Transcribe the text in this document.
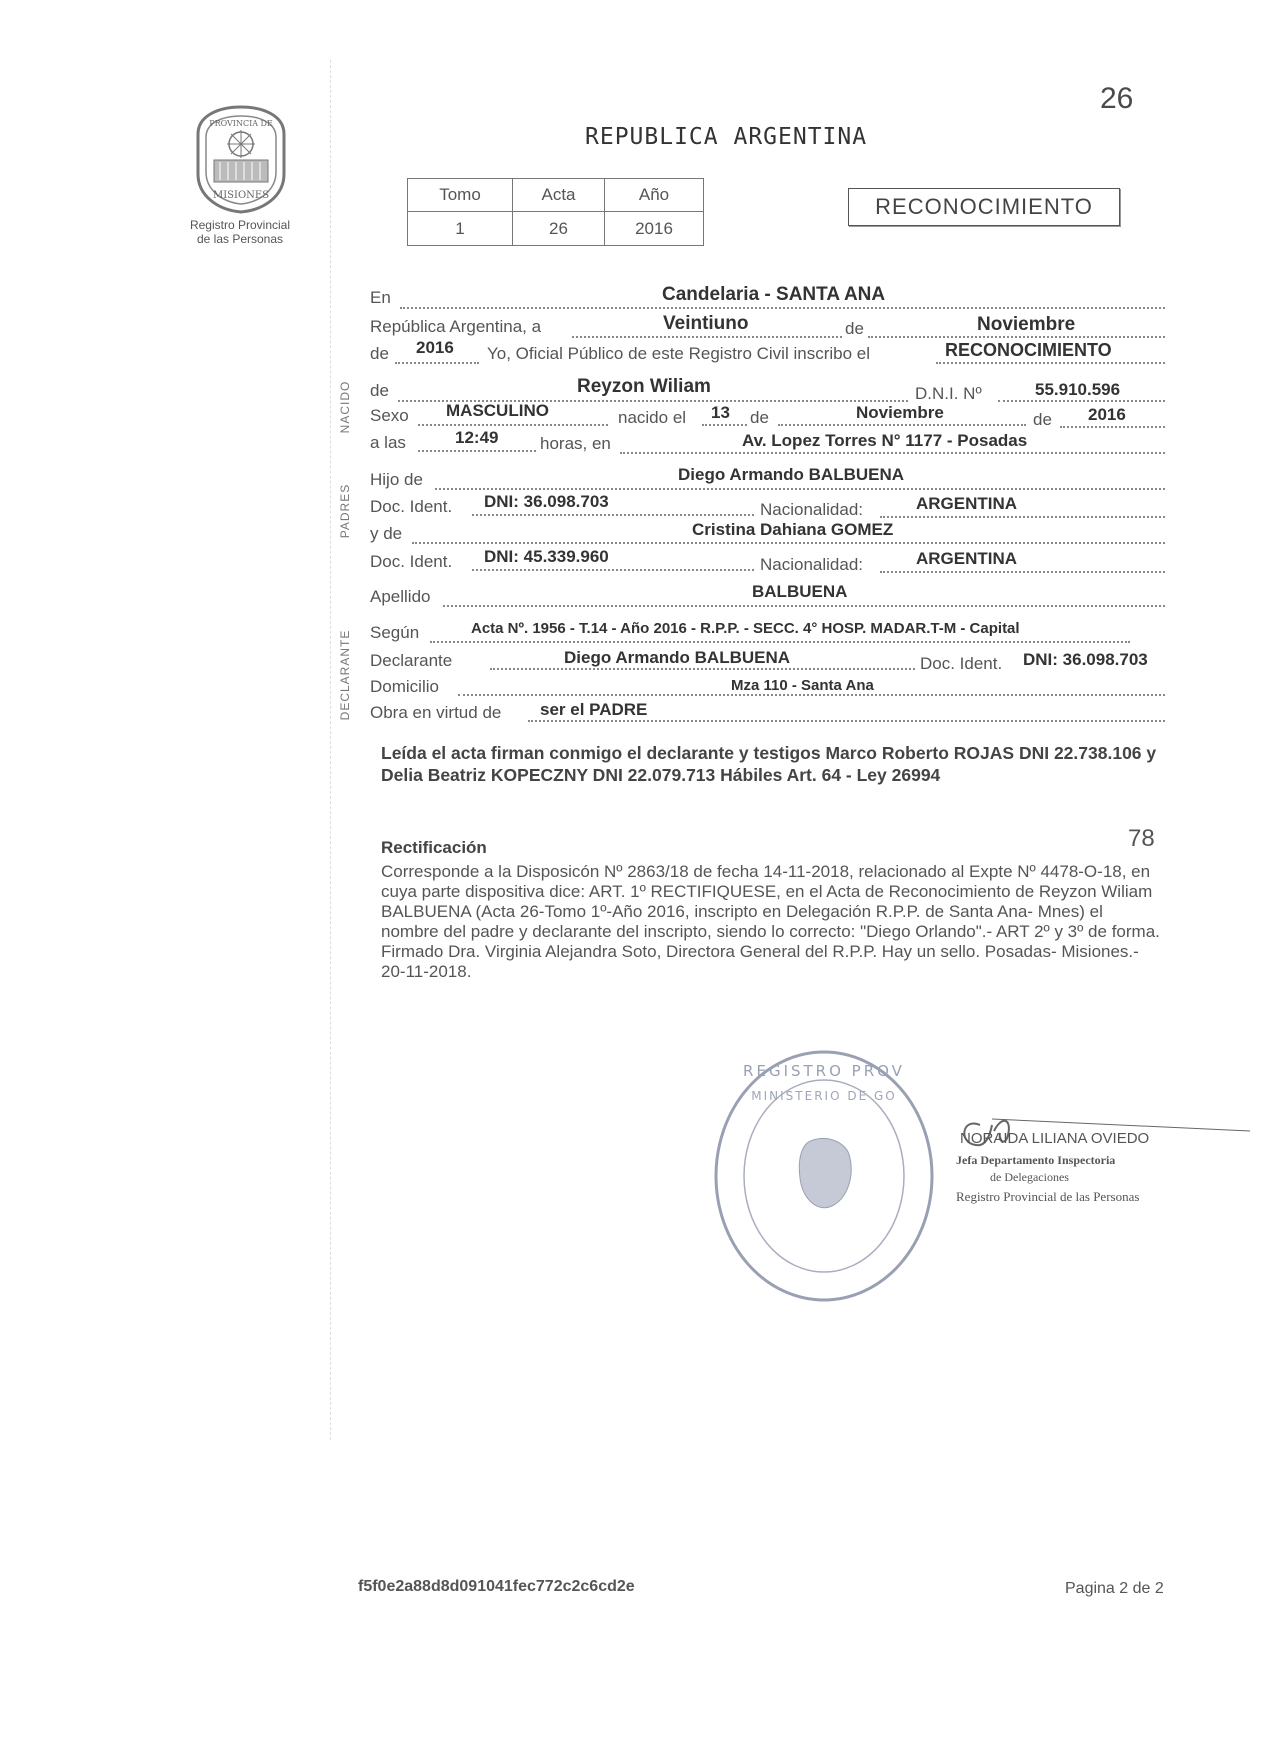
26
REPUBLICA ARGENTINA
PROVINCIA DE
MISIONES
Registro Provincial
de las Personas
Tomo	Acta	Año
1	26	2016
RECONOCIMIENTO
NACIDO
PADRES
DECLARANTE
En	Candelaria - SANTA ANA
República Argentina, a	Veintiuno	de	Noviembre
de 2016 Yo, Oficial Público de este Registro Civil inscribo el	RECONOCIMIENTO
de	Reyzon Wiliam	D.N.I. Nº	55.910.596
Sexo MASCULINO	nacido el 13 de	Noviembre	de 2016
a las	12:49 horas, en	Av. Lopez Torres N° 1177 - Posadas
Hijo de	Diego Armando BALBUENA
Doc. Ident. DNI: 36.098.703	Nacionalidad:	ARGENTINA
y de	Cristina Dahiana GOMEZ
Doc. Ident. DNI: 45.339.960	Nacionalidad:	ARGENTINA
Apellido	BALBUENA
Según	Acta Nº. 1956 - T.14 - Año 2016 - R.P.P. - SECC. 4° HOSP. MADAR.T-M - Capital
Declarante	Diego Armando BALBUENA	Doc. Ident. DNI: 36.098.703
Domicilio	Mza 110 - Santa Ana
Obra en virtud de ser el PADRE
Leída el acta firman conmigo el declarante y testigos Marco Roberto ROJAS DNI 22.738.106 y Delia Beatriz KOPECZNY DNI 22.079.713 Hábiles Art. 64 - Ley 26994
Rectificación	78
Corresponde a la Disposicón Nº 2863/18 de fecha 14-11-2018, relacionado al Expte Nº 4478-O-18, en cuya parte dispositiva dice: ART. 1º RECTIFIQUESE, en el Acta de Reconocimiento de Reyzon Wiliam BALBUENA (Acta 26-Tomo 1º-Año 2016, inscripto en Delegación R.P.P. de Santa Ana- Mnes) el nombre del padre y declarante del inscripto, siendo lo correcto: "Diego Orlando".- ART 2º y 3º de forma. Firmado Dra. Virginia Alejandra Soto, Directora General del R.P.P. Hay un sello. Posadas- Misiones.- 20-11-2018.
REGISTRO PROV
MINISTERIO DE GO
NORAIDA LILIANA OVIEDO
Jefa Departamento Inspectoria
de Delegaciones
Registro Provincial de las Personas
f5f0e2a88d8d091041fec772c2c6cd2e	Pagina 2 de 2
